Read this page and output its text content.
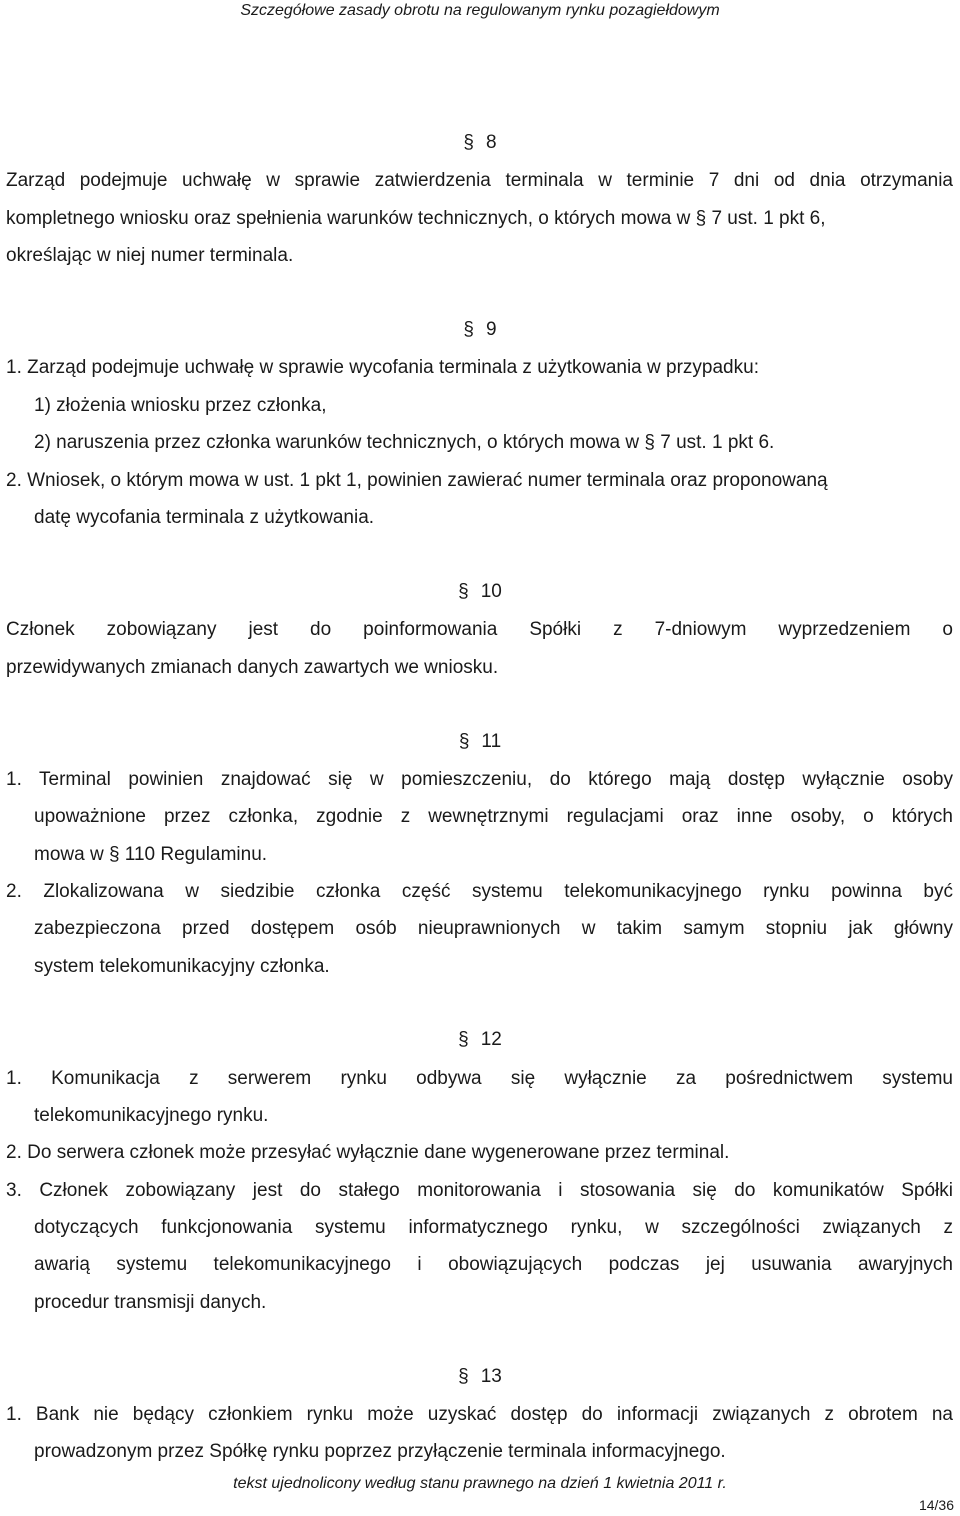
Szczegółowe zasady obrotu na regulowanym rynku pozagiełdowym
§ 8
Zarząd podejmuje uchwałę w sprawie zatwierdzenia terminala w terminie 7 dni od dnia otrzymania
kompletnego wniosku oraz spełnienia warunków technicznych, o których mowa w § 7 ust. 1 pkt 6,
określając w niej numer terminala.
§ 9
1. Zarząd podejmuje uchwałę w sprawie wycofania terminala z użytkowania w przypadku:
1) złożenia wniosku przez członka,
2) naruszenia przez członka warunków technicznych, o których mowa w § 7 ust. 1 pkt 6.
2. Wniosek, o którym mowa w ust. 1 pkt 1, powinien zawierać numer terminala oraz proponowaną
datę wycofania terminala z użytkowania.
§ 10
Członek zobowiązany jest do poinformowania Spółki z 7-dniowym wyprzedzeniem o
przewidywanych zmianach danych zawartych we wniosku.
§ 11
1. Terminal powinien znajdować się w pomieszczeniu, do którego mają dostęp wyłącznie osoby
upoważnione przez członka, zgodnie z wewnętrznymi regulacjami oraz inne osoby, o których
mowa w § 110 Regulaminu.
2. Zlokalizowana w siedzibie członka część systemu telekomunikacyjnego rynku powinna być
zabezpieczona przed dostępem osób nieuprawnionych w takim samym stopniu jak główny
system telekomunikacyjny członka.
§ 12
1. Komunikacja z serwerem rynku odbywa się wyłącznie za pośrednictwem systemu
telekomunikacyjnego rynku.
2. Do serwera członek może przesyłać wyłącznie dane wygenerowane przez terminal.
3. Członek zobowiązany jest do stałego monitorowania i stosowania się do komunikatów Spółki
dotyczących funkcjonowania systemu informatycznego rynku, w szczególności związanych z
awarią systemu telekomunikacyjnego i obowiązujących podczas jej usuwania awaryjnych
procedur transmisji danych.
§ 13
1. Bank nie będący członkiem rynku może uzyskać dostęp do informacji związanych z obrotem na
prowadzonym przez Spółkę rynku poprzez przyłączenie terminala informacyjnego.
tekst ujednolicony według stanu prawnego na dzień 1 kwietnia 2011 r.
14/36
